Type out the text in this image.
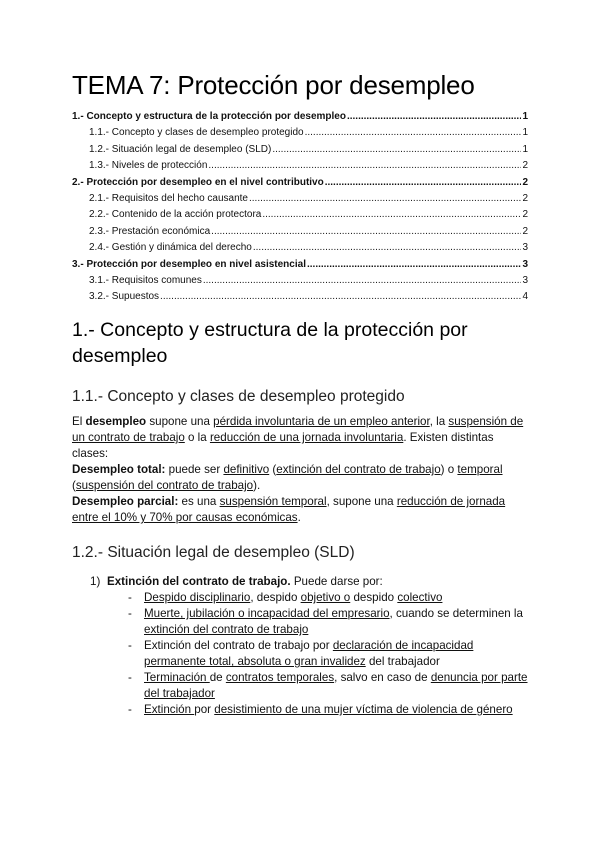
TEMA 7: Protección por desempleo
1.- Concepto y estructura de la protección por desempleo .....	1
1.1.- Concepto y clases de desempleo protegido .....	1
1.2.- Situación legal de desempleo (SLD) .....	1
1.3.- Niveles de protección .....	2
2.- Protección por desempleo en el nivel contributivo .....	2
2.1.- Requisitos del hecho causante .....	2
2.2.- Contenido de la acción protectora .....	2
2.3.- Prestación económica .....	2
2.4.- Gestión y dinámica del derecho .....	3
3.- Protección por desempleo en nivel asistencial .....	3
3.1.- Requisitos comunes .....	3
3.2.- Supuestos .....	4
1.- Concepto y estructura de la protección por desempleo
1.1.- Concepto y clases de desempleo protegido

El desempleo supone una pérdida involuntaria de un empleo anterior, la suspensión de un contrato de trabajo o la reducción de una jornada involuntaria. Existen distintas clases:

Desempleo total: puede ser definitivo (extinción del contrato de trabajo) o temporal (suspensión del contrato de trabajo).

Desempleo parcial: es una suspensión temporal, supone una reducción de jornada entre el 10% y 70% por causas económicas.

1.2.- Situación legal de desempleo (SLD)
1) Extinción del contrato de trabajo. Puede darse por:
- Despido disciplinario, despido objetivo o despido colectivo
- Muerte, jubilación o incapacidad del empresario, cuando se determinen la extinción del contrato de trabajo
- Extinción del contrato de trabajo por declaración de incapacidad permanente total, absoluta o gran invalidez del trabajador
- Terminación de contratos temporales, salvo en caso de denuncia por parte del trabajador
- Extinción por desistimiento de una mujer víctima de violencia de género
